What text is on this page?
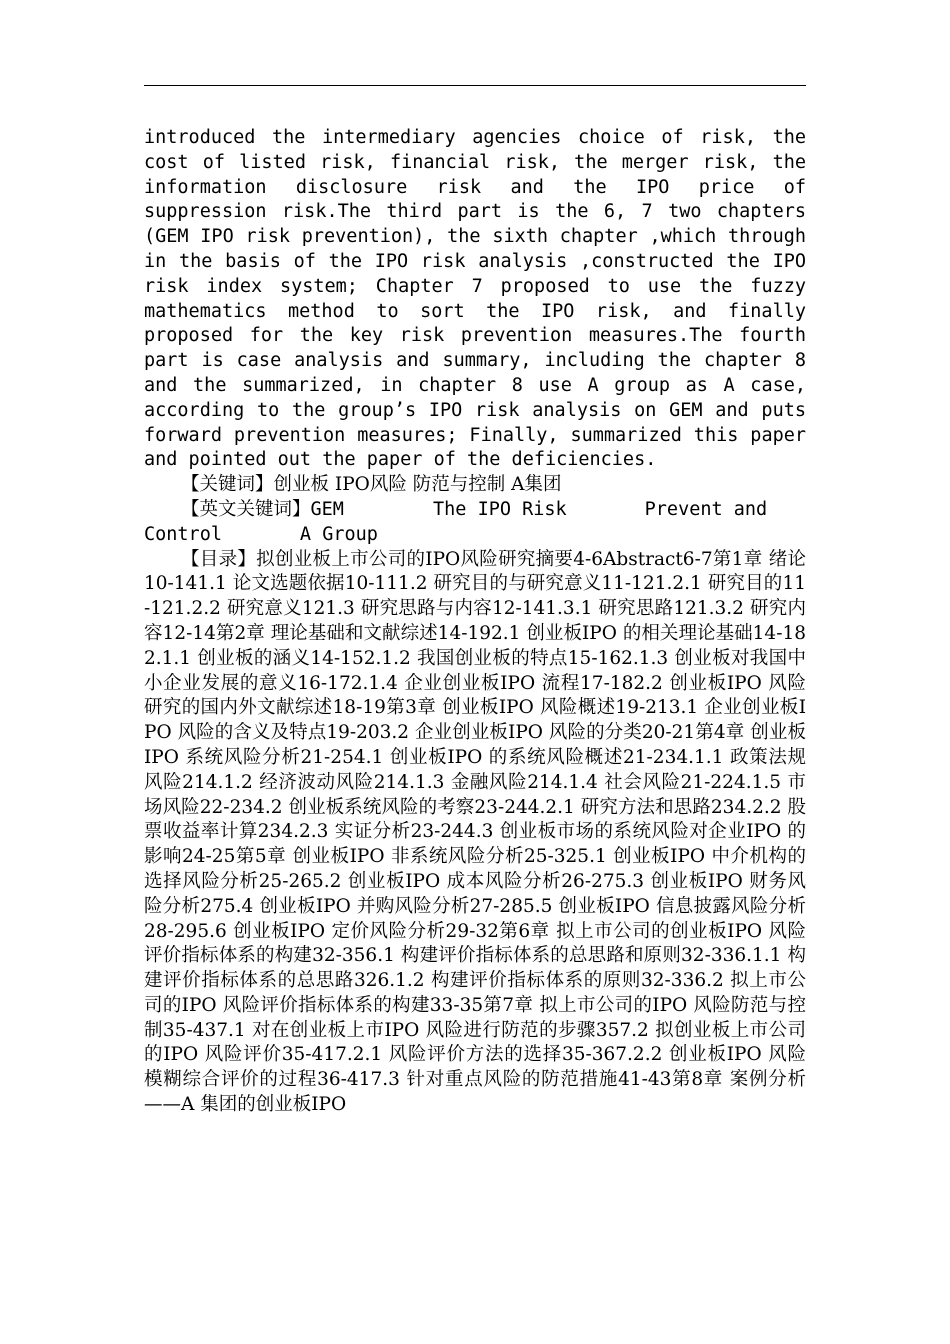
introduced the intermediary agencies choice of risk, the cost of listed risk, financial risk, the merger risk, the information disclosure risk and the IPO price of suppression risk.The third part is the 6, 7 two chapters (GEM IPO risk prevention), the sixth chapter ,which through in the basis of the IPO risk analysis ,constructed the IPO risk index system; Chapter 7 proposed to use the fuzzy mathematics method to sort the IPO risk, and finally proposed for the key risk prevention measures.The fourth part is case analysis and summary, including the chapter 8 and the summarized, in chapter 8 use A group as A case, according to the group’s IPO risk analysis on GEM and puts forward prevention measures; Finally, summarized this paper and pointed out the paper of the deficiencies.

【关键词】创业板 IPO风险 防范与控制 A集团

【英文关键词】GEM        The IPO Risk       Prevent and Control       A Group

【目录】拟创业板上市公司的IPO风险研究摘要4-6Abstract6-7第1章 绪论10-141.1 论文选题依据10-111.2 研究目的与研究意义11-121.2.1 研究目的11-121.2.2 研究意义121.3 研究思路与内容12-141.3.1 研究思路121.3.2 研究内容12-14第2章 理论基础和文献综述14-192.1 创业板IPO 的相关理论基础14-182.1.1 创业板的涵义14-152.1.2 我国创业板的特点15-162.1.3 创业板对我国中小企业发展的意义16-172.1.4 企业创业板IPO 流程17-182.2 创业板IPO 风险研究的国内外文献综述18-19第3章 创业板IPO 风险概述19-213.1 企业创业板IPO 风险的含义及特点19-203.2 企业创业板IPO 风险的分类20-21第4章 创业板IPO 系统风险分析21-254.1 创业板IPO 的系统风险概述21-234.1.1 政策法规风险214.1.2 经济波动风险214.1.3 金融风险214.1.4 社会风险21-224.1.5 市场风险22-234.2 创业板系统风险的考察23-244.2.1 研究方法和思路234.2.2 股票收益率计算234.2.3 实证分析23-244.3 创业板市场的系统风险对企业IPO 的影响24-25第5章 创业板IPO 非系统风险分析25-325.1 创业板IPO 中介机构的选择风险分析25-265.2 创业板IPO 成本风险分析26-275.3 创业板IPO 财务风险分析275.4 创业板IPO 并购风险分析27-285.5 创业板IPO 信息披露风险分析28-295.6 创业板IPO 定价风险分析29-32第6章 拟上市公司的创业板IPO 风险评价指标体系的构建32-356.1 构建评价指标体系的总思路和原则32-336.1.1 构建评价指标体系的总思路326.1.2 构建评价指标体系的原则32-336.2 拟上市公司的IPO 风险评价指标体系的构建33-35第7章 拟上市公司的IPO 风险防范与控制35-437.1 对在创业板上市IPO 风险进行防范的步骤357.2 拟创业板上市公司的IPO 风险评价35-417.2.1 风险评价方法的选择35-367.2.2 创业板IPO 风险模糊综合评价的过程36-417.3 针对重点风险的防范措施41-43第8章 案例分析——A 集团的创业板IPO
